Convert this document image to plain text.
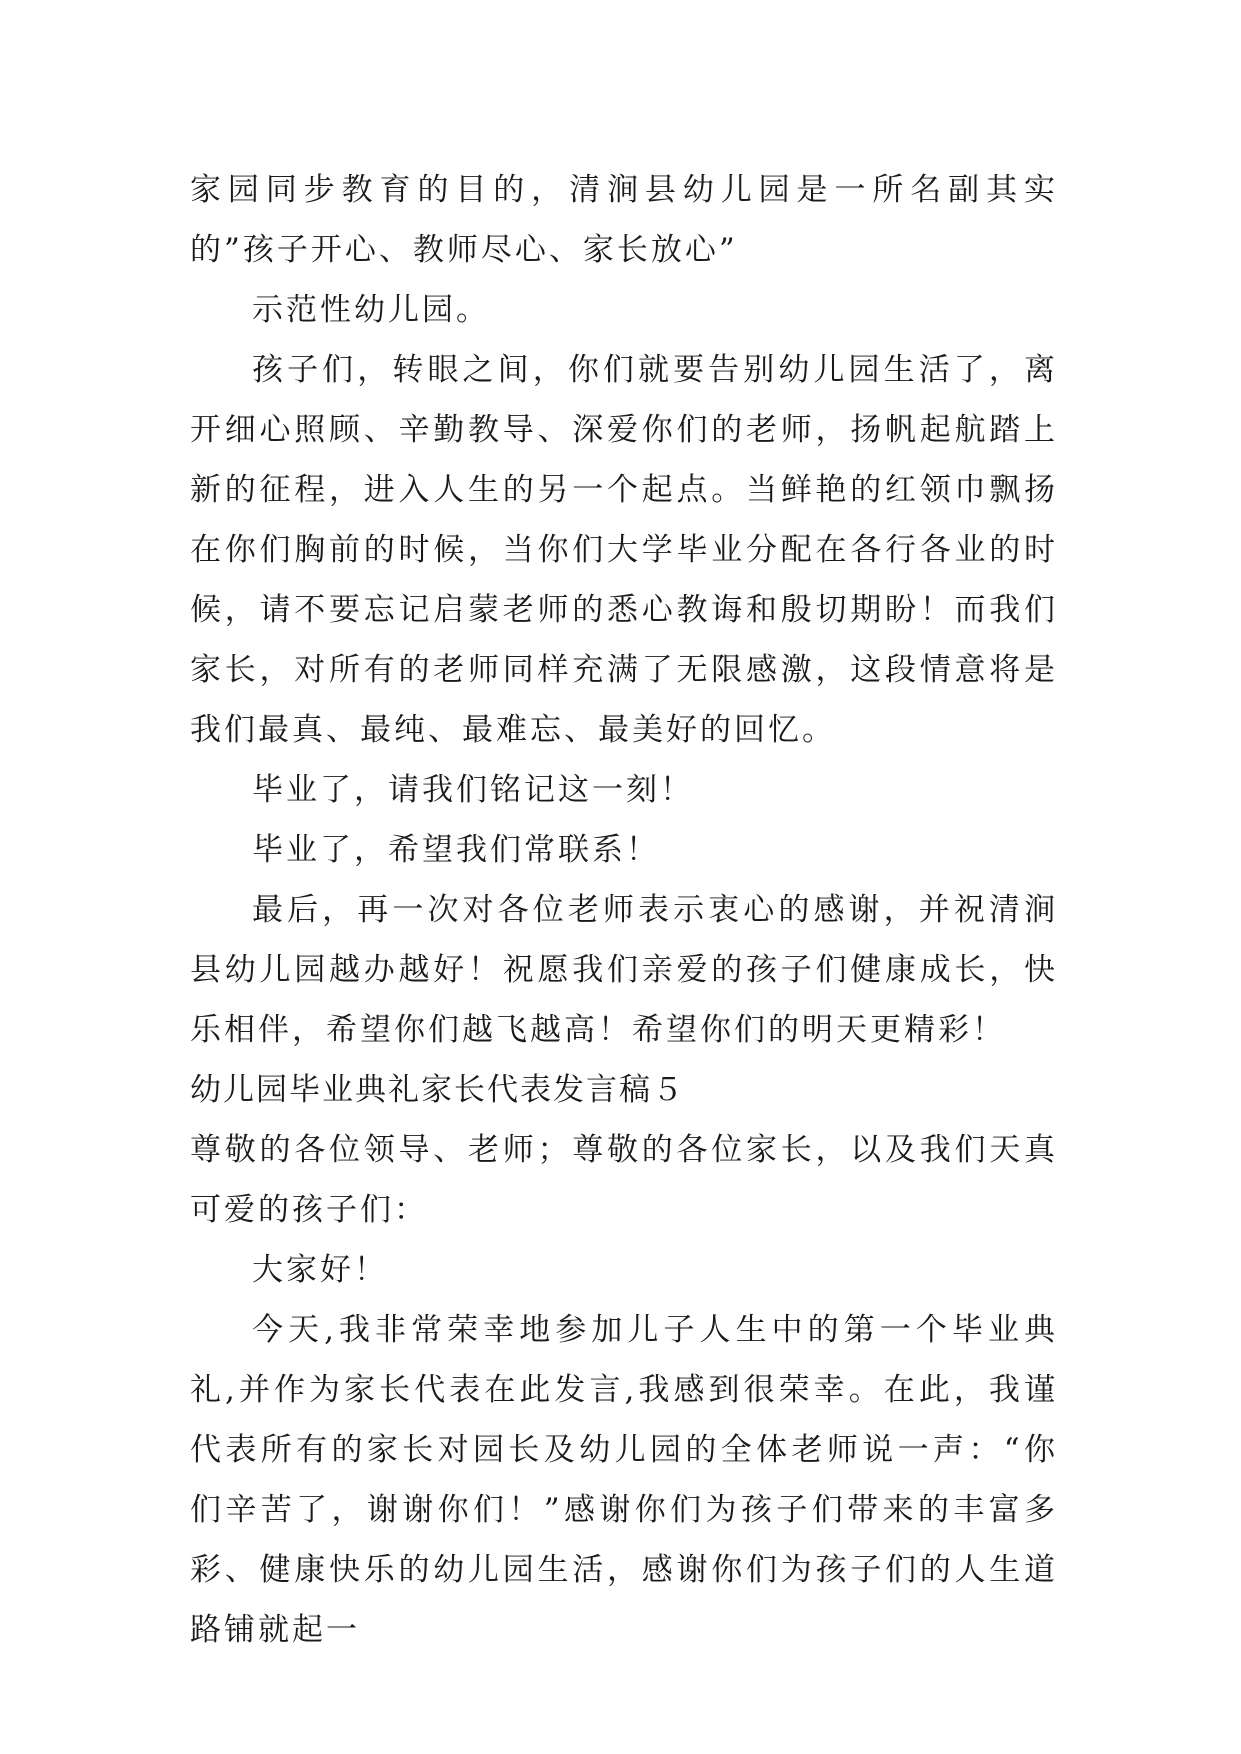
家园同步教育的目的，清涧县幼儿园是一所名副其实的”孩子开心、教师尽心、家长放心”

示范性幼儿园。

孩子们，转眼之间，你们就要告别幼儿园生活了，离开细心照顾、辛勤教导、深爱你们的老师，扬帆起航踏上新的征程，进入人生的另一个起点。当鲜艳的红领巾飘扬在你们胸前的时候，当你们大学毕业分配在各行各业的时候，请不要忘记启蒙老师的悉心教诲和殷切期盼！而我们家长，对所有的老师同样充满了无限感激，这段情意将是我们最真、最纯、最难忘、最美好的回忆。

毕业了，请我们铭记这一刻！

毕业了，希望我们常联系！

最后，再一次对各位老师表示衷心的感谢，并祝清涧县幼儿园越办越好！祝愿我们亲爱的孩子们健康成长，快乐相伴，希望你们越飞越高！希望你们的明天更精彩！

幼儿园毕业典礼家长代表发言稿５

尊敬的各位领导、老师；尊敬的各位家长，以及我们天真可爱的孩子们：

大家好！

今天,我非常荣幸地参加儿子人生中的第一个毕业典礼,并作为家长代表在此发言,我感到很荣幸。在此，我谨代表所有的家长对园长及幼儿园的全体老师说一声：“你们辛苦了，谢谢你们！”感谢你们为孩子们带来的丰富多彩、健康快乐的幼儿园生活，感谢你们为孩子们的人生道路铺就起一
